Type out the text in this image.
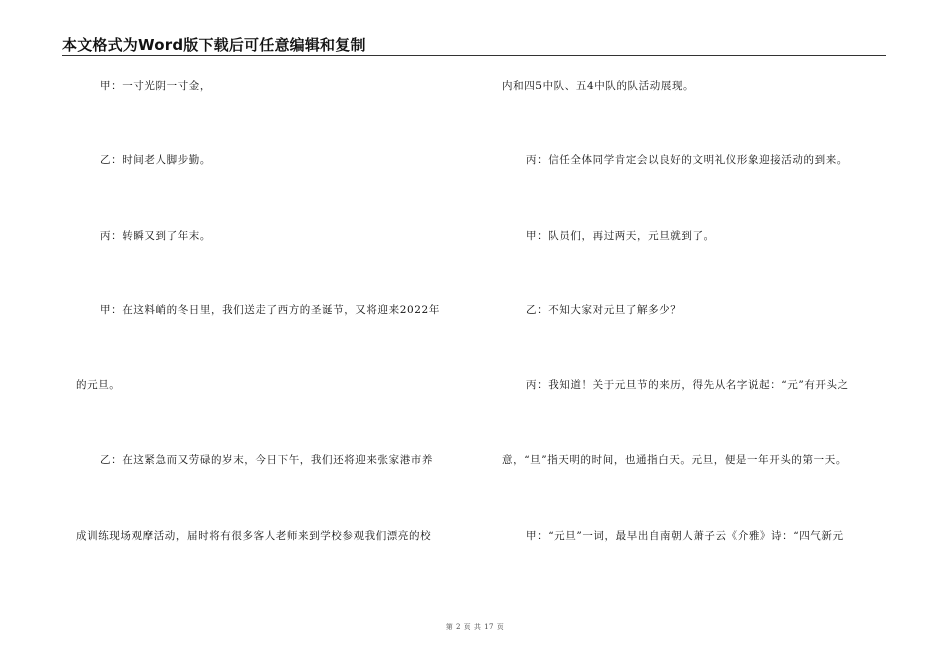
本文格式为Word版下载后可任意编辑和复制
甲：一寸光阴一寸金，
乙：时间老人脚步勤。
丙：转瞬又到了年末。
甲：在这料峭的冬日里，我们送走了西方的圣诞节，又将迎来2022年
的元旦。
乙：在这紧急而又劳碌的岁末，今日下午，我们还将迎来张家港市养
成训练现场观摩活动，届时将有很多客人老师来到学校参观我们漂亮的校
内和四5中队、五4中队的队活动展现。
丙：信任全体同学肯定会以良好的文明礼仪形象迎接活动的到来。
甲：队员们，再过两天，元旦就到了。
乙：不知大家对元旦了解多少？
丙：我知道！关于元旦节的来历，得先从名字说起：“元”有开头之
意，“旦”指天明的时间，也通指白天。元旦，便是一年开头的第一天。
甲：“元旦”一词，最早出自南朝人萧子云《介雅》诗：“四气新元
第 2 页 共 17 页
